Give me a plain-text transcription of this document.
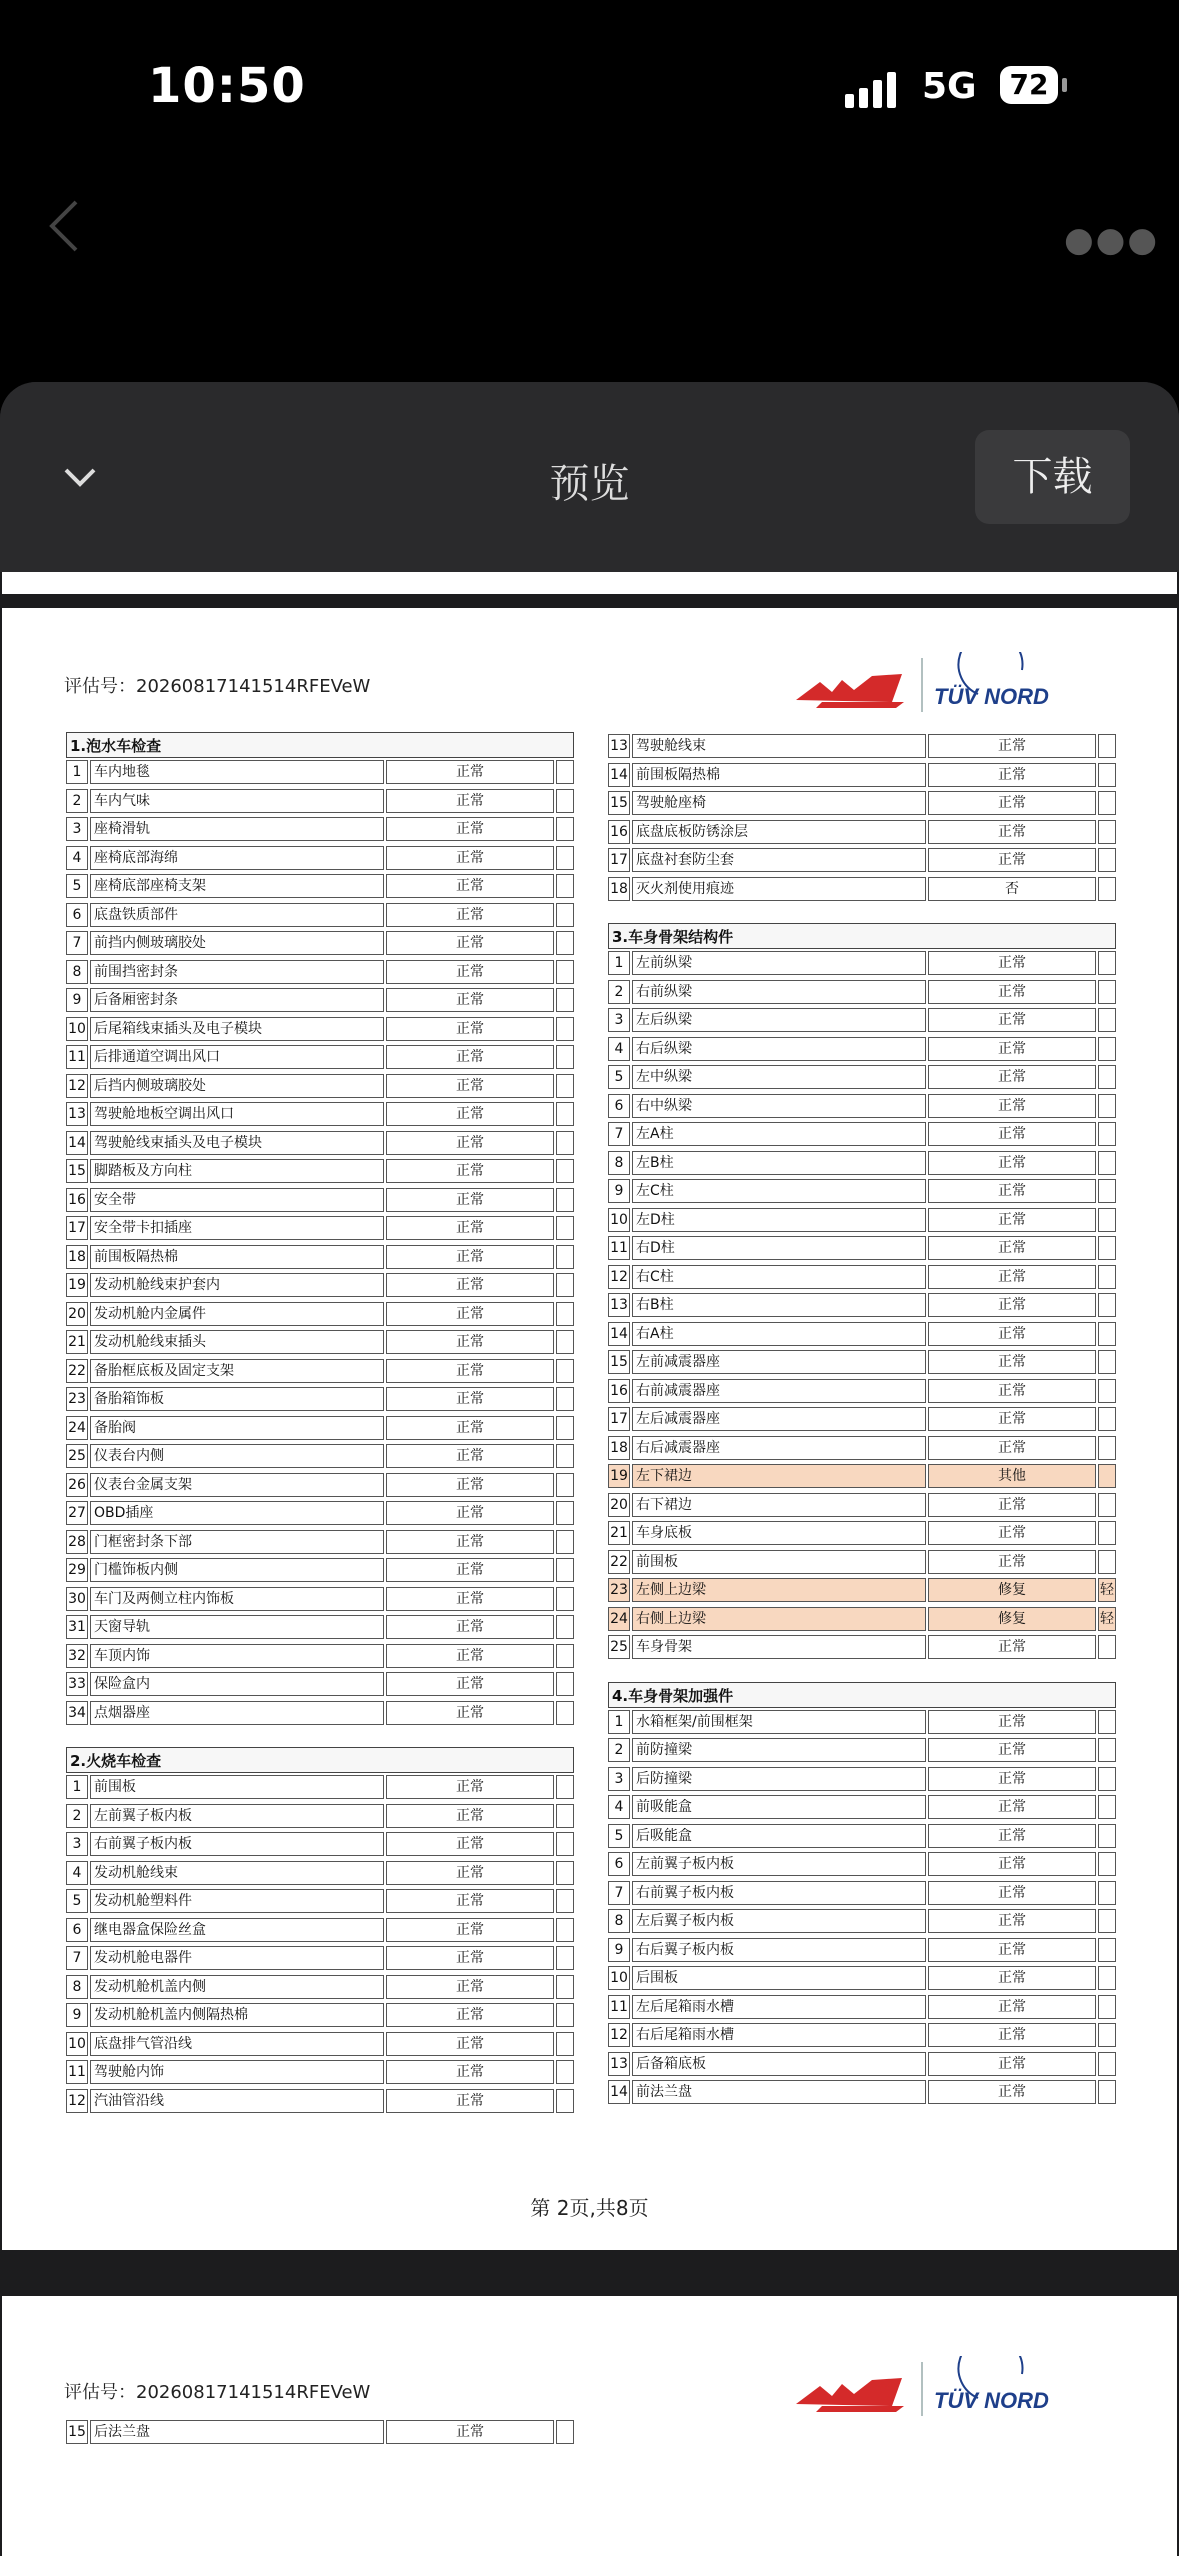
10:50	5G	72
●●●
预览	下载
评估号：20260817141514RFEVeW	TÜV NORD
1.泡水车检查
1 车内地毯	正常
2 车内气味	正常
3 座椅滑轨	正常
4 座椅底部海绵	正常
5 座椅底部座椅支架	正常
6 底盘铁质部件	正常
7 前挡内侧玻璃胶处	正常
8 前围挡密封条	正常
9 后备厢密封条	正常
10 后尾箱线束插头及电子模块	正常
11 后排通道空调出风口	正常
12 后挡内侧玻璃胶处	正常
13 驾驶舱地板空调出风口	正常
14 驾驶舱线束插头及电子模块	正常
15 脚踏板及方向柱	正常
16 安全带	正常
17 安全带卡扣插座	正常
18 前围板隔热棉	正常
19 发动机舱线束护套内	正常
20 发动机舱内金属件	正常
21 发动机舱线束插头	正常
22 备胎框底板及固定支架	正常
23 备胎箱饰板	正常
24 备胎阀	正常
25 仪表台内侧	正常
26 仪表台金属支架	正常
27 OBD插座	正常
28 门框密封条下部	正常
29 门槛饰板内侧	正常
30 车门及两侧立柱内饰板	正常
31 天窗导轨	正常
32 车顶内饰	正常
33 保险盒内	正常
34 点烟器座	正常
2.火烧车检查
1 前围板	正常
2 左前翼子板内板	正常
3 右前翼子板内板	正常
4 发动机舱线束	正常
5 发动机舱塑料件	正常
6 继电器盒保险丝盒	正常
7 发动机舱电器件	正常
8 发动机舱机盖内侧	正常
9 发动机舱机盖内侧隔热棉	正常
10 底盘排气管沿线	正常
11 驾驶舱内饰	正常
12 汽油管沿线	正常
13 驾驶舱线束	正常
14 前围板隔热棉	正常
15 驾驶舱座椅	正常
16 底盘底板防锈涂层	正常
17 底盘衬套防尘套	正常
18 灭火剂使用痕迹	否
3.车身骨架结构件
1 左前纵梁	正常
2 右前纵梁	正常
3 左后纵梁	正常
4 右后纵梁	正常
5 左中纵梁	正常
6 右中纵梁	正常
7 左A柱	正常
8 左B柱	正常
9 左C柱	正常
10 左D柱	正常
11 右D柱	正常
12 右C柱	正常
13 右B柱	正常
14 右A柱	正常
15 左前减震器座	正常
16 右前减震器座	正常
17 左后减震器座	正常
18 右后减震器座	正常
19 左下裙边	其他
20 右下裙边	正常
21 车身底板	正常
22 前围板	正常
23 左侧上边梁	修复	轻
24 右侧上边梁	修复	轻
25 车身骨架	正常
4.车身骨架加强件
1 水箱框架/前围框架	正常
2 前防撞梁	正常
3 后防撞梁	正常
4 前吸能盒	正常
5 后吸能盒	正常
6 左前翼子板内板	正常
7 右前翼子板内板	正常
8 左后翼子板内板	正常
9 右后翼子板内板	正常
10 后围板	正常
11 左后尾箱雨水槽	正常
12 右后尾箱雨水槽	正常
13 后备箱底板	正常
14 前法兰盘	正常
第 2页,共8页
评估号：20260817141514RFEVeW	TÜV NORD
15 后法兰盘	正常
